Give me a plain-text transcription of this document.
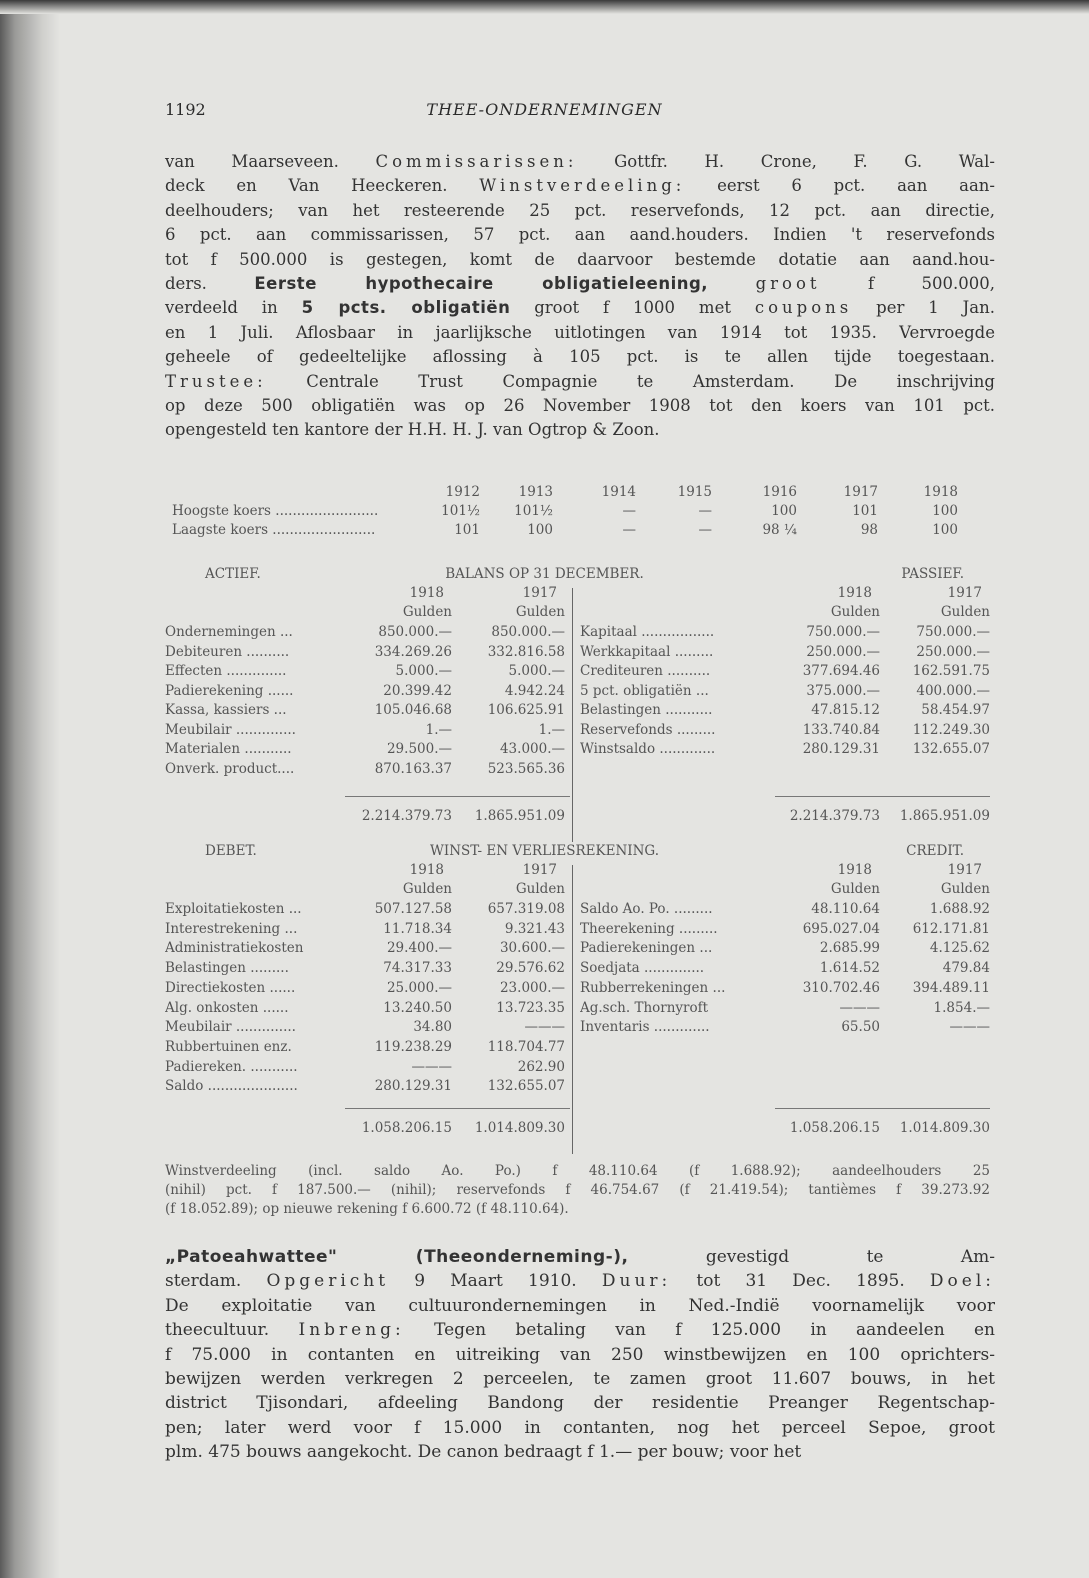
1192	THEE-ONDERNEMINGEN
van Maarseveen. Commissarissen: Gottfr. H. Crone, F. G. Wal-
deck en Van Heeckeren. Winstverdeeling: eerst 6 pct. aan aan-
deelhouders; van het resteerende 25 pct. reservefonds, 12 pct. aan directie,
6 pct. aan commissarissen, 57 pct. aan aand.houders. Indien 't reservefonds
tot f 500.000 is gestegen, komt de daarvoor bestemde dotatie aan aand.hou-
ders. Eerste hypothecaire obligatieleening,	groot f 500.000,
verdeeld in 5 pcts. obligatiën groot f 1000 met coupons per 1 Jan.
en 1 Juli. Aflosbaar in jaarlijksche uitlotingen van 1914 tot 1935. Vervroegde
geheele of gedeeltelijke aflossing à 105 pct. is te allen tijde toegestaan.
Trustee: Centrale Trust Compagnie te Amsterdam. De inschrijving
op deze 500 obligatiën was op 26 November 1908 tot den koers van 101 pct.
opengesteld ten kantore der H.H. H. J. van Ogtrop & Zoon.
1912	1913	1914	1915	1916	1917	1918
Hoogste koers ........................	101½	101½	—	—	100	101	100
Laagste koers ........................	101	100	—	—	98 ¼	98	100
ACTIEF.	BALANS OP 31 DECEMBER.	PASSIEF.
1918
Gulden
1917
Gulden
1918
Gulden
1917
Gulden
Ondernemingen ...	850.000.—	850.000.—
Debiteuren ..........	334.269.26	332.816.58
Effecten ..............	5.000.—	5.000.—
Padierekening ......	20.399.42	4.942.24
Kassa, kassiers ...	105.046.68	106.625.91
Meubilair ..............	1.—	1.—
Materialen ...........	29.500.—	43.000.—
Onverk. product....	870.163.37	523.565.36
Kapitaal .................	750.000.—	750.000.—
Werkkapitaal .........	250.000.—	250.000.—
Crediteuren ..........	377.694.46 162.591.75
5 pct. obligatiën ...	375.000.—	400.000.—
Belastingen ...........	47.815.12	58.454.97
Reservefonds .........	133.740.84 112.249.30
Winstsaldo .............	280.129.31 132.655.07
2.214.379.73 1.865.951.09	2.214.379.73 1.865.951.09
DEBET.	WINST- EN VERLIESREKENING.	CREDIT.
1918
Gulden
1917
Gulden
1918
Gulden
1917
Gulden
Exploitatiekosten ...	507.127.58	657.319.08
Interestrekening ...	11.718.34	9.321.43
Administratiekosten	29.400.—	30.600.—
Belastingen .........	74.317.33	29.576.62
Directiekosten ......	25.000.—	23.000.—
Alg. onkosten ......	13.240.50	13.723.35
Meubilair ..............	34.80	———
Rubbertuinen enz.	119.238.29	118.704.77
Padiereken. ...........	———	262.90
Saldo .....................	280.129.31	132.655.07
Saldo Ao. Po. .........	48.110.64	1.688.92
Theerekening .........	695.027.04 612.171.81
Padierekeningen ...	2.685.99	4.125.62
Soedjata ..............	1.614.52	479.84
Rubberrekeningen ...	310.702.46 394.489.11
Ag.sch. Thornyroft	———	1.854.—
Inventaris .............	65.50	———
1.058.206.15 1.014.809.30	1.058.206.15 1.014.809.30
Winstverdeeling (incl. saldo Ao. Po.) f 48.110.64 (f 1.688.92); aandeelhouders 25
(nihil) pct. f 187.500.— (nihil); reservefonds f 46.754.67 (f 21.419.54); tantièmes f 39.273.92
(f 18.052.89); op nieuwe rekening f 6.600.72 (f 48.110.64).
„Patoeahwattee" (Theeonderneming-), gevestigd te Am-
sterdam. Opgericht 9 Maart 1910. Duur: tot 31 Dec. 1895. Doel:
De exploitatie van cultuurondernemingen in Ned.-Indië voornamelijk voor
theecultuur. Inbreng: Tegen betaling van f 125.000 in aandeelen en
f 75.000 in contanten en uitreiking van 250 winstbewijzen en 100 oprichters-
bewijzen werden verkregen 2 perceelen, te zamen groot 11.607 bouws, in het
district Tjisondari, afdeeling Bandong der residentie Preanger Regentschap-
pen; later werd voor f 15.000 in contanten, nog het perceel Sepoe, groot
plm. 475 bouws aangekocht. De canon bedraagt f 1.— per bouw; voor het
